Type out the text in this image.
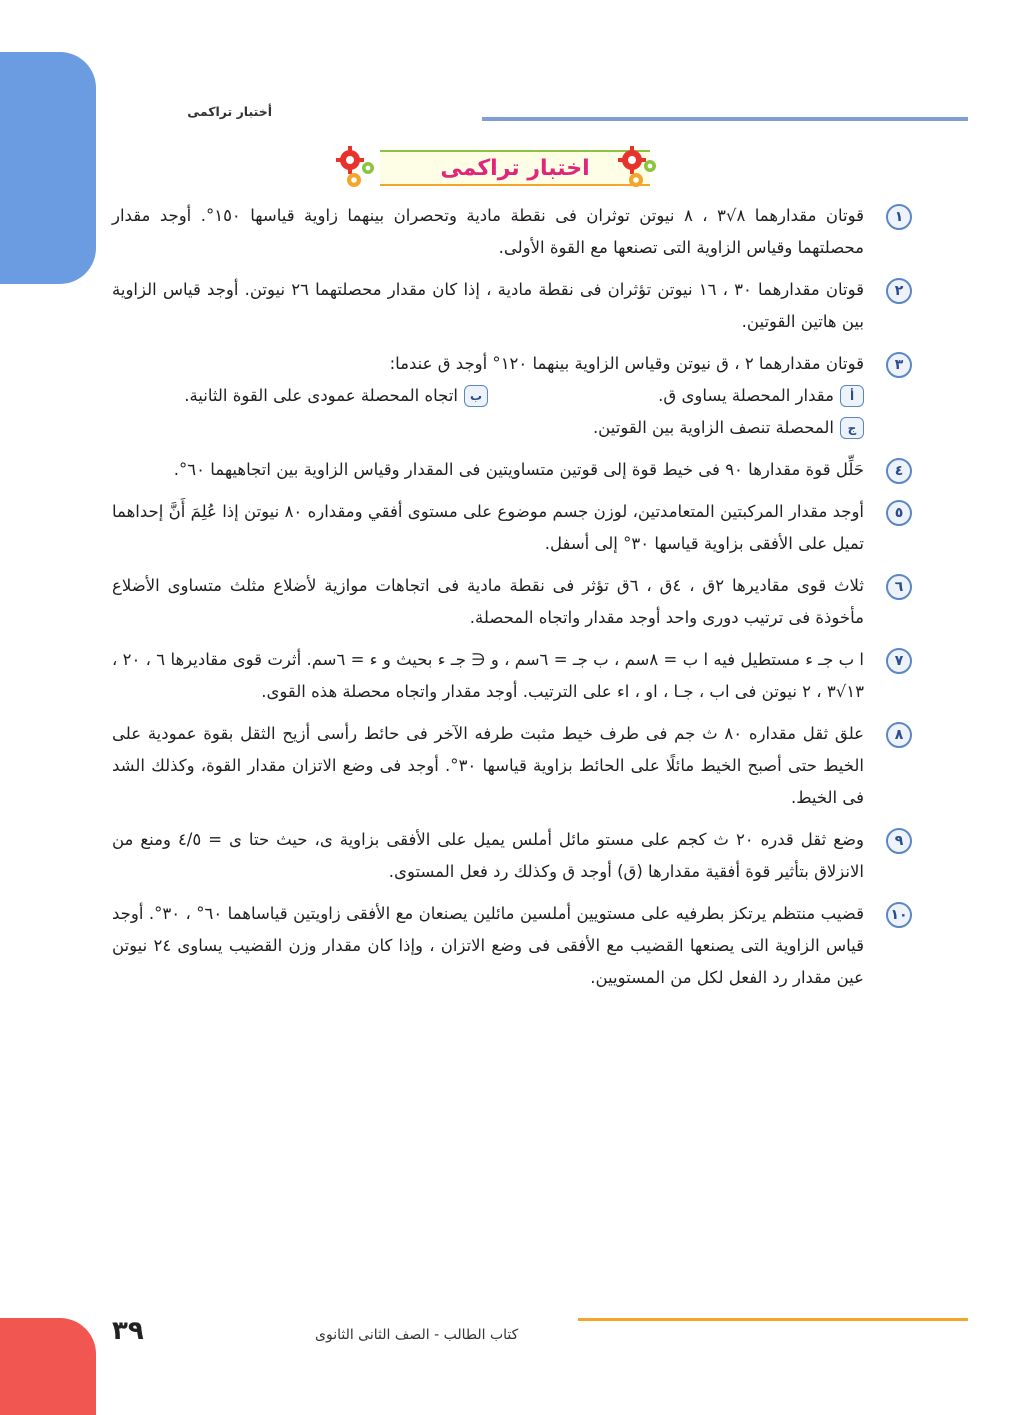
أختبار تراكمى
اختبار تراكمى
١
قوتان مقدارهما ٨√٣ ، ٨ نيوتن توثران فى نقطة مادية وتحصران بينهما زاوية قياسها ١٥٠°. أوجد مقدار محصلتهما وقياس الزاوية التى تصنعها مع القوة الأولى.
٢
قوتان مقدارهما ٣٠ ، ١٦ نيوتن تؤثران فى نقطة مادية ، إذا كان مقدار محصلتهما ٢٦ نيوتن. أوجد قياس الزاوية بين هاتين القوتين.
٣
قوتان مقدارهما ٢ ، ق نيوتن وقياس الزاوية بينهما ١٢٠° أوجد ق عندما:
أ
مقدار المحصلة يساوى ق.
ب
اتجاه المحصلة عمودى على القوة الثانية.
ج
المحصلة تنصف الزاوية بين القوتين.
٤
حَلِّل قوة مقدارها ٩٠ فى خيط قوة إلى قوتين متساويتين فى المقدار وقياس الزاوية بين اتجاهيهما ٦٠°.
٥
أوجد مقدار المركبتين المتعامدتين، لوزن جسم موضوع على مستوى أفقي ومقداره ٨٠ نيوتن إذا عُلِمَ أَنَّ إحداهما تميل على الأفقى بزاوية قياسها ٣٠° إلى أسفل.
٦
ثلاث قوى مقاديرها ٢ق ، ٤ق ، ٦ق تؤثر فى نقطة مادية فى اتجاهات موازية لأضلاع مثلث متساوى الأضلاع مأخوذة فى ترتيب دورى واحد أوجد مقدار واتجاه المحصلة.
٧
ا ب جـ ء مستطيل فيه ا ب = ٨سم ، ب جـ = ٦سم ، و ∈ جـ ء بحيث و ء = ٦سم. أثرت قوى مقاديرها ٦ ، ٢٠ ، ١٣√٣ ، ٢ نيوتن فى اب ، جـا ، او ، اء على الترتيب. أوجد مقدار واتجاه محصلة هذه القوى.
٨
علق ثقل مقداره ٨٠ ث جم فى طرف خيط مثبت طرفه الآخر فى حائط رأسى أزيح الثقل بقوة عمودية على الخيط حتى أصبح الخيط مائلًا على الحائط بزاوية قياسها ٣٠°. أوجد فى وضع الاتزان مقدار القوة، وكذلك الشد فى الخيط.
٩
وضع ثقل قدره ٢٠ ث كجم على مستو مائل أملس يميل على الأفقى بزاوية ى، حيث حتا ى = ٤/٥ ومنع من الانزلاق بتأثير قوة أفقية مقدارها (ق) أوجد ق وكذلك رد فعل المستوى.
١٠
قضيب منتظم يرتكز بطرفيه على مستويين أملسين مائلين يصنعان مع الأفقى زاويتين قياساهما ٦٠° ، ٣٠°. أوجد قياس الزاوية التى يصنعها القضيب مع الأفقى فى وضع الاتزان ، وإذا كان مقدار وزن القضيب يساوى ٢٤ نيوتن عين مقدار رد الفعل لكل من المستويين.
كتاب الطالب - الصف الثانى الثانوى
٣٩
